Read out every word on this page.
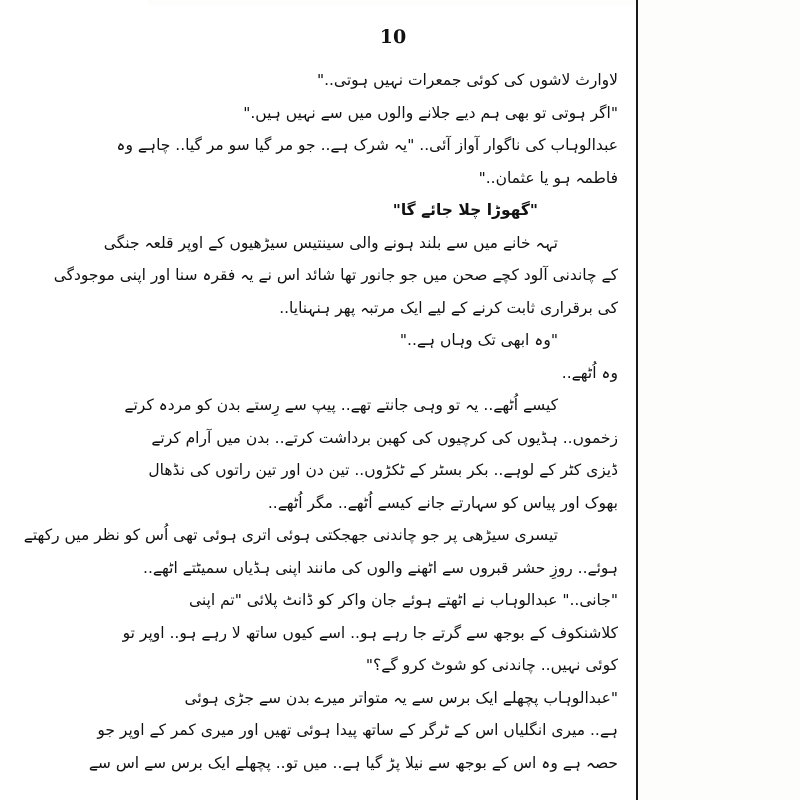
10
لاوارث لاشوں کی کوئی جمعرات نہیں ہوتی.."
"اگر ہوتی تو بھی ہم دیے جلانے والوں میں سے نہیں ہیں."
عبدالوہاب کی ناگوار آواز آئی.. "یہ شرک ہے.. جو مر گیا سو مر گیا.. چاہے وہ
فاطمہ ہو یا عثمان.."
"گھوڑا چلا جائے گا"
تہہ خانے میں سے بلند ہونے والی سینتیس سیڑھیوں کے اوپر قلعہ جنگی
کے چاندنی آلود کچے صحن میں جو جانور تھا شائد اس نے یہ فقرہ سنا اور اپنی موجودگی
کی برقراری ثابت کرنے کے لیے ایک مرتبہ پھر ہنہنایا..
"وہ ابھی تک وہاں ہے.."
وہ اُٹھے..
کیسے اُٹھے.. یہ تو وہی جانتے تھے.. پیپ سے رِستے بدن کو مردہ کرتے
زخموں.. ہڈیوں کی کرچیوں کی کھبن برداشت کرتے.. بدن میں آرام کرتے
ڈیزی کٹر کے لوہے.. بکر بسٹر کے ٹکڑوں.. تین دن اور تین راتوں کی نڈھال
بھوک اور پیاس کو سہارتے جانے کیسے اُٹھے.. مگر اُٹھے..
تیسری سیڑھی پر جو چاندنی جھجکتی ہوئی اتری ہوئی تھی اُس کو نظر میں رکھتے
ہوئے.. روزِ حشر قبروں سے اٹھنے والوں کی مانند اپنی ہڈیاں سمیٹتے اٹھے..
"جانی.." عبدالوہاب نے اٹھتے ہوئے جان واکر کو ڈانٹ پلائی "تم اپنی
کلاشنکوف کے بوجھ سے گرتے جا رہے ہو.. اسے کیوں ساتھ لا رہے ہو.. اوپر تو
کوئی نہیں.. چاندنی کو شوٹ کرو گے؟"
"عبدالوہاب پچھلے ایک برس سے یہ متواتر میرے بدن سے جڑی ہوئی
ہے.. میری انگلیاں اس کے ٹرگر کے ساتھ پیدا ہوئی تھیں اور میری کمر کے اوپر جو
حصہ ہے وہ اس کے بوجھ سے نیلا پڑ گیا ہے.. میں تو.. پچھلے ایک برس سے اس سے
